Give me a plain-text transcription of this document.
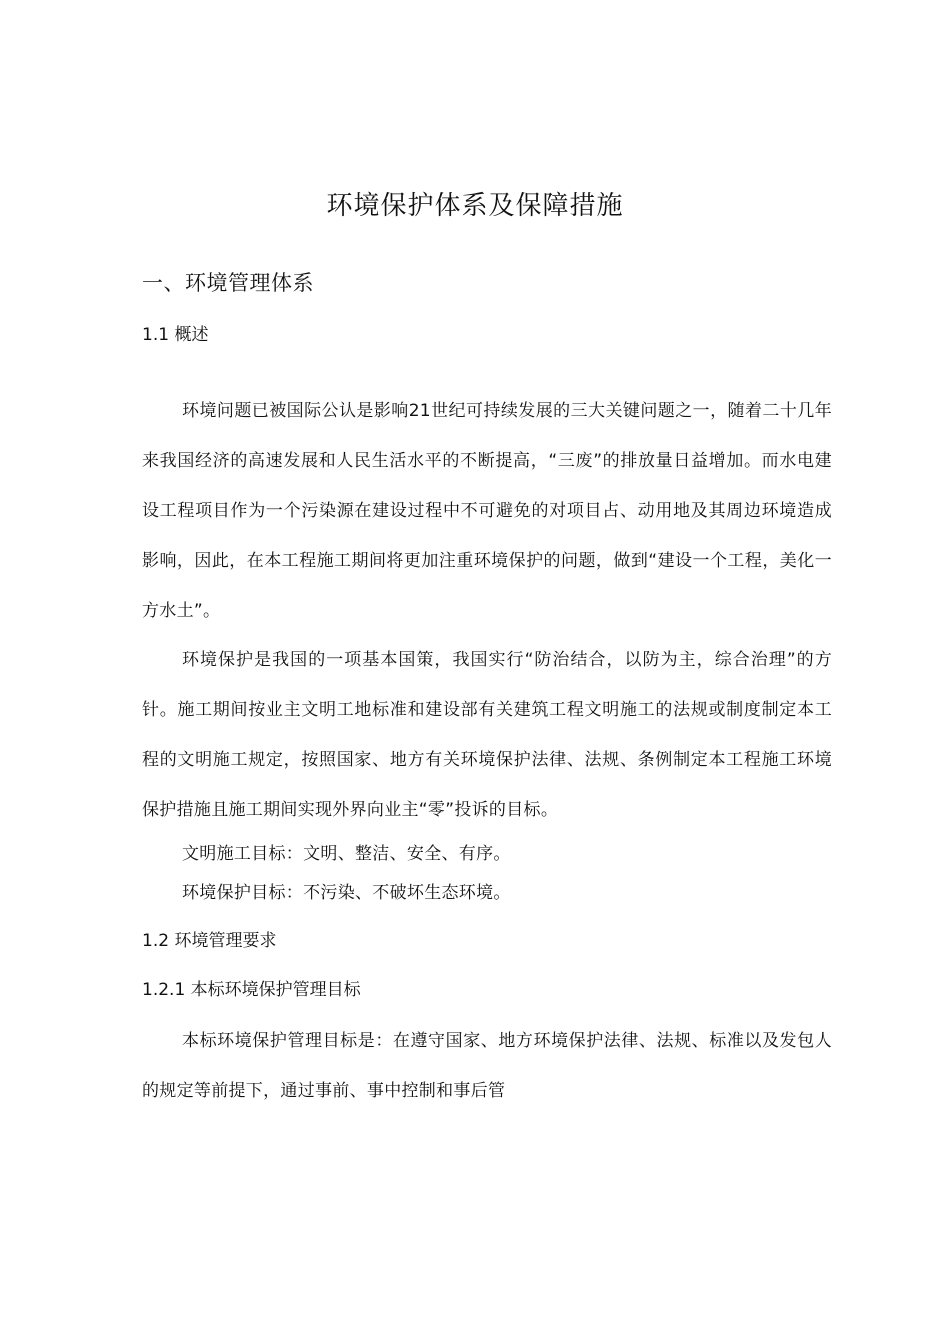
环境保护体系及保障措施
一、环境管理体系
1.1 概述

环境问题已被国际公认是影响21世纪可持续发展的三大关键问题之一，随着二十几年来我国经济的高速发展和人民生活水平的不断提高，“三废”的排放量日益增加。而水电建设工程项目作为一个污染源在建设过程中不可避免的对项目占、动用地及其周边环境造成影响，因此，在本工程施工期间将更加注重环境保护的问题，做到“建设一个工程，美化一方水土”。

环境保护是我国的一项基本国策，我国实行“防治结合，以防为主，综合治理”的方针。施工期间按业主文明工地标准和建设部有关建筑工程文明施工的法规或制度制定本工程的文明施工规定，按照国家、地方有关环境保护法律、法规、条例制定本工程施工环境保护措施且施工期间实现外界向业主“零”投诉的目标。

文明施工目标：文明、整洁、安全、有序。
环境保护目标：不污染、不破坏生态环境。
1.2 环境管理要求
1.2.1 本标环境保护管理目标

本标环境保护管理目标是：在遵守国家、地方环境保护法律、法规、标准以及发包人的规定等前提下，通过事前、事中控制和事后管
